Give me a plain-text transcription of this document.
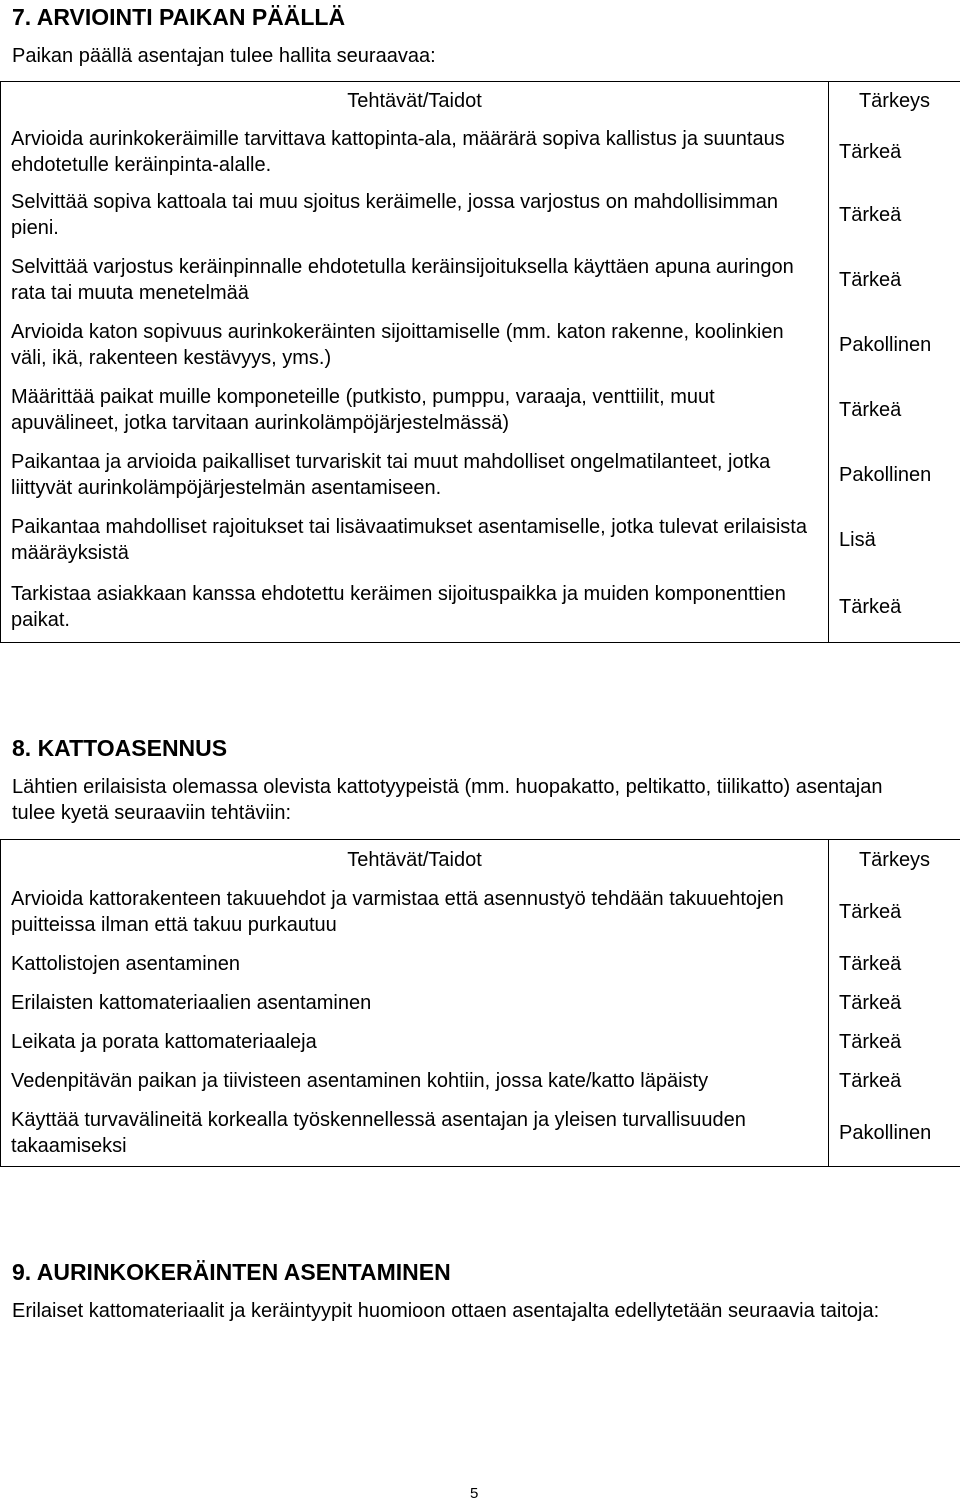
7. ARVIOINTI PAIKAN PÄÄLLÄ
Paikan päällä asentajan tulee hallita seuraavaa:
Tehtävät/Taidot	Tärkeys
Arvioida aurinkokeräimille tarvittava kattopinta-ala, määrärä sopiva kallistus ja suuntaus ehdotetulle keräinpinta-alalle.	Tärkeä
Selvittää sopiva kattoala tai muu sjoitus keräimelle, jossa varjostus on mahdollisimman pieni.	Tärkeä
Selvittää varjostus keräinpinnalle ehdotetulla keräinsijoituksella käyttäen apuna auringon rata tai muuta menetelmää	Tärkeä
Arvioida katon sopivuus aurinkokeräinten sijoittamiselle (mm. katon rakenne, koolinkien väli, ikä, rakenteen kestävyys, yms.)	Pakollinen
Määrittää paikat muille komponeteille (putkisto, pumppu, varaaja, venttiilit, muut apuvälineet, jotka tarvitaan aurinkolämpöjärjestelmässä)	Tärkeä
Paikantaa ja arvioida paikalliset turvariskit tai muut mahdolliset ongelmatilanteet, jotka liittyvät aurinkolämpöjärjestelmän asentamiseen.	Pakollinen
Paikantaa mahdolliset rajoitukset tai lisävaatimukset asentamiselle, jotka tulevat erilaisista määräyksistä	Lisä
Tarkistaa asiakkaan kanssa ehdotettu keräimen sijoituspaikka ja muiden komponenttien paikat.	Tärkeä
8. KATTOASENNUS
Lähtien erilaisista olemassa olevista kattotyypeistä (mm. huopakatto, peltikatto, tiilikatto) asentajan tulee kyetä seuraaviin tehtäviin:
Tehtävät/Taidot	Tärkeys
Arvioida kattorakenteen takuuehdot ja varmistaa että asennustyö tehdään takuuehtojen puitteissa ilman että takuu purkautuu	Tärkeä
Kattolistojen asentaminen	Tärkeä
Erilaisten kattomateriaalien asentaminen	Tärkeä
Leikata ja porata kattomateriaaleja	Tärkeä
Vedenpitävän paikan ja tiivisteen asentaminen kohtiin, jossa kate/katto läpäisty	Tärkeä
Käyttää turvavälineitä korkealla työskennellessä asentajan ja yleisen turvallisuuden takaamiseksi	Pakollinen
9. AURINKOKERÄINTEN ASENTAMINEN
Erilaiset kattomateriaalit ja keräintyypit huomioon ottaen asentajalta edellytetään seuraavia taitoja:
5
